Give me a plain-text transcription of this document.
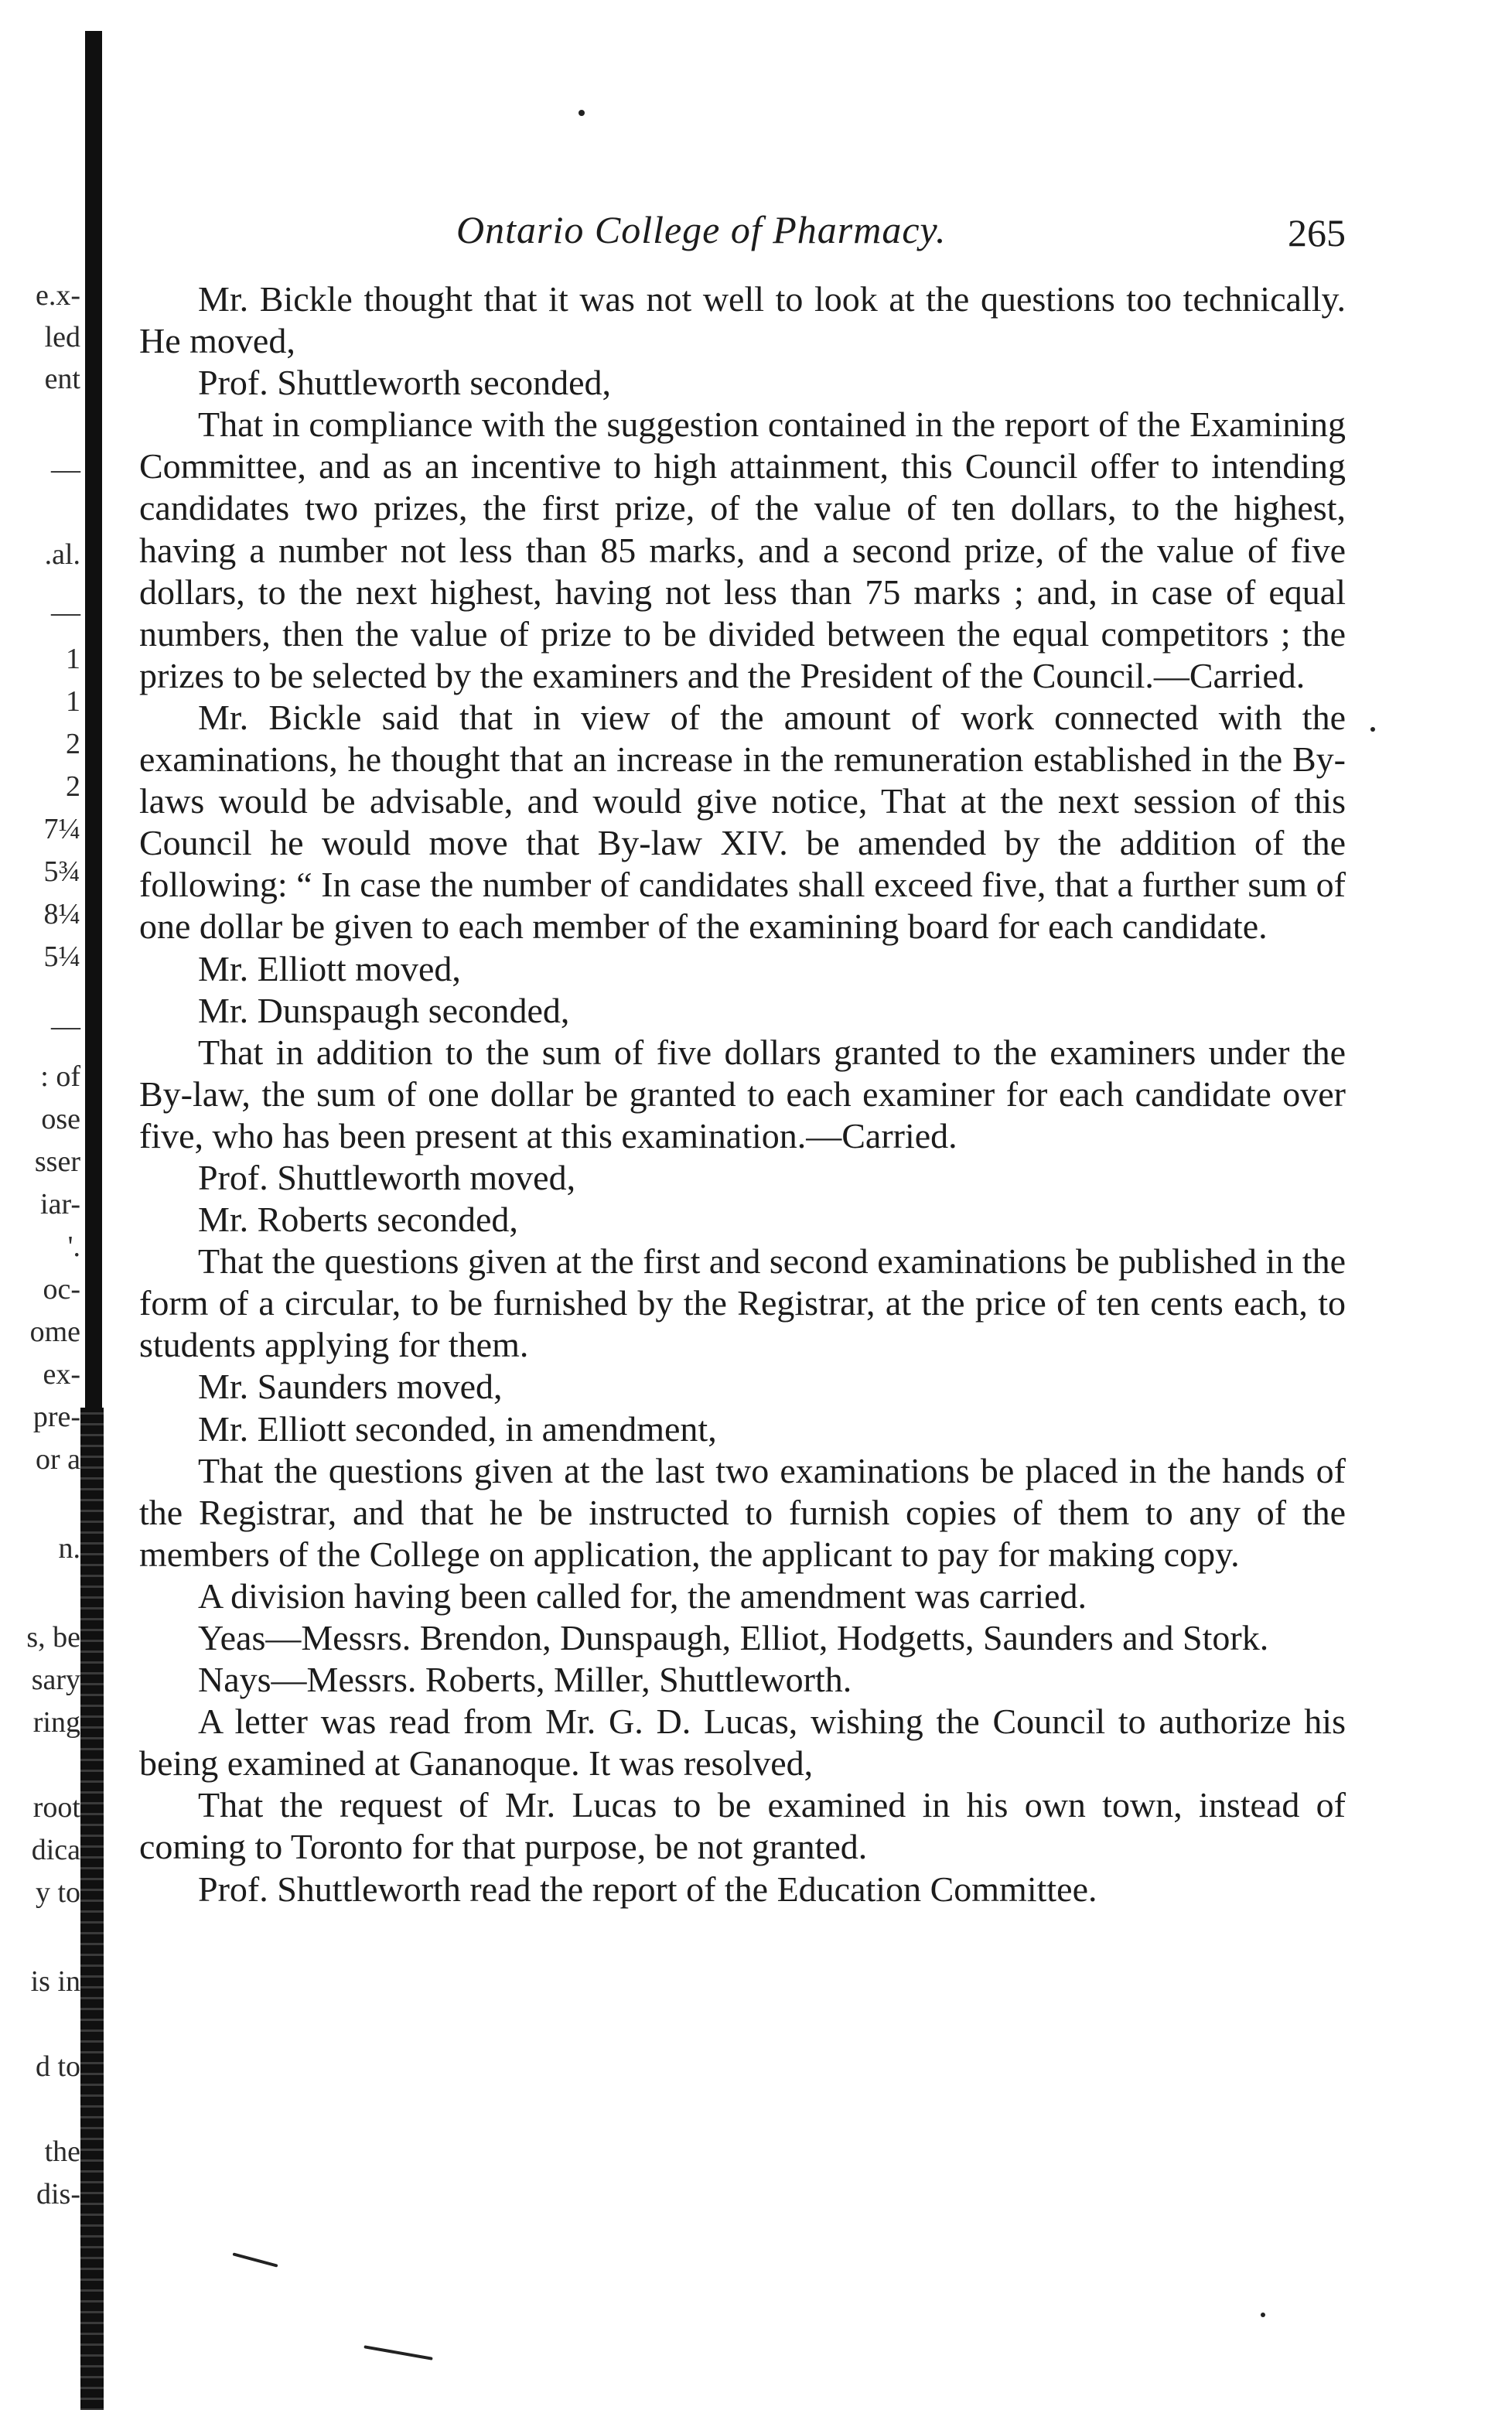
e.x-
led
ent
—
.al.
—
1
1
2
2
7¼
5¾
8¼
5¼
—
: of
ose
sser
iar-
'.
oc-
ome
ex-
pre-
or a
n.
s, be
sary
ring
root
dica
y to
is in
d to
the
dis-
Ontario College of Pharmacy.	265

Mr. Bickle thought that it was not well to look at the questions too technically. He moved,

Prof. Shuttleworth seconded,

That in compliance with the suggestion contained in the report of the Examining Committee, and as an incentive to high attainment, this Council offer to intending candidates two prizes, the first prize, of the value of ten dollars, to the highest, having a number not less than 85 marks, and a second prize, of the value of five dollars, to the next highest, having not less than 75 marks ; and, in case of equal numbers, then the value of prize to be divided between the equal competitors ; the prizes to be selected by the examiners and the President of the Council.—Carried.

Mr. Bickle said that in view of the amount of work connected with the examinations, he thought that an increase in the remuneration established in the By-laws would be advisable, and would give notice, That at the next session of this Council he would move that By-law XIV. be amended by the addition of the following: “ In case the number of candidates shall exceed five, that a further sum of one dollar be given to each member of the examining board for each candidate.

Mr. Elliott moved,

Mr. Dunspaugh seconded,

That in addition to the sum of five dollars granted to the examiners under the By-law, the sum of one dollar be granted to each examiner for each candidate over five, who has been present at this examination.—Carried.

Prof. Shuttleworth moved,

Mr. Roberts seconded,

That the questions given at the first and second examinations be published in the form of a circular, to be furnished by the Registrar, at the price of ten cents each, to students applying for them.

Mr. Saunders moved,

Mr. Elliott seconded, in amendment,

That the questions given at the last two examinations be placed in the hands of the Registrar, and that he be instructed to furnish copies of them to any of the members of the College on application, the applicant to pay for making copy.

A division having been called for, the amendment was carried.

Yeas—Messrs. Brendon, Dunspaugh, Elliot, Hodgetts, Saunders and Stork.

Nays—Messrs. Roberts, Miller, Shuttleworth.

A letter was read from Mr. G. D. Lucas, wishing the Council to authorize his being examined at Gananoque. It was resolved,

That the request of Mr. Lucas to be examined in his own town, instead of coming to Toronto for that purpose, be not granted.

Prof. Shuttleworth read the report of the Education Committee.
